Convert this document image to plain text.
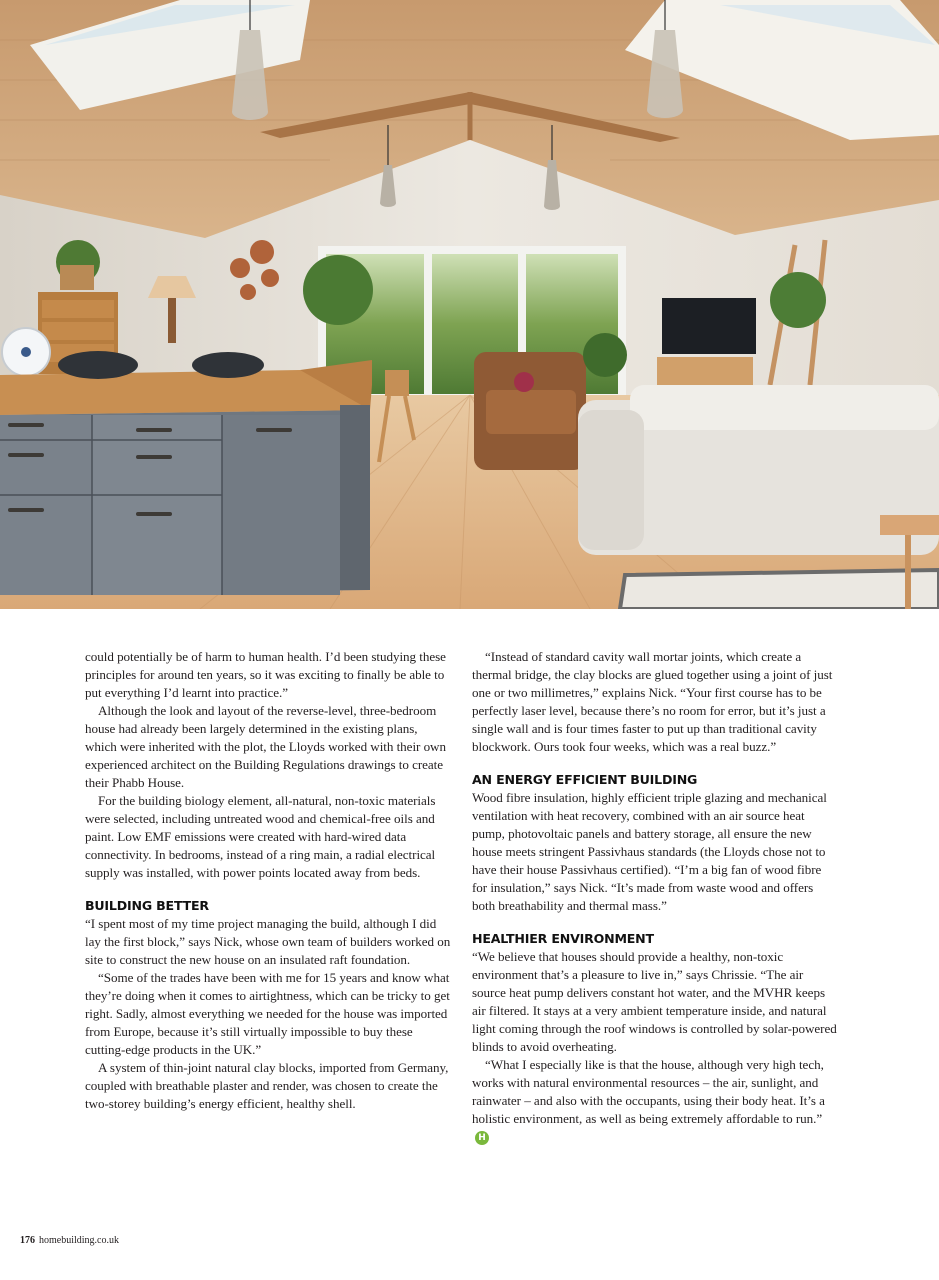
could potentially be of harm to human health. I’d been studying these principles for around ten years, so it was exciting to finally be able to put everything I’d learnt into practice.”

Although the look and layout of the reverse-level, three-bedroom house had already been largely determined in the existing plans, which were inherited with the plot, the Lloyds worked with their own experienced architect on the Building Regulations drawings to create their Phabb House.

For the building biology element, all-natural, non-toxic materials were selected, including untreated wood and chemical-free oils and paint. Low EMF emissions were created with hard-wired data connectivity. In bedrooms, instead of a ring main, a radial electrical supply was installed, with power points located away from beds.

BUILDING BETTER

“I spent most of my time project managing the build, although I did lay the first block,” says Nick, whose own team of builders worked on site to construct the new house on an insulated raft foundation.

“Some of the trades have been with me for 15 years and know what they’re doing when it comes to airtightness, which can be tricky to get right. Sadly, almost everything we needed for the house was imported from Europe, because it’s still virtually impossible to buy these cutting-edge products in the UK.”

A system of thin-joint natural clay blocks, imported from Germany, coupled with breathable plaster and render, was chosen to create the two-storey building’s energy efficient, healthy shell.

“Instead of standard cavity wall mortar joints, which create a thermal bridge, the clay blocks are glued together using a joint of just one or two millimetres,” explains Nick. “Your first course has to be perfectly laser level, because there’s no room for error, but it’s just a single wall and is four times faster to put up than traditional cavity blockwork. Ours took four weeks, which was a real buzz.”

AN ENERGY EFFICIENT BUILDING

Wood fibre insulation, highly efficient triple glazing and mechanical ventilation with heat recovery, combined with an air source heat pump, photovoltaic panels and battery storage, all ensure the new house meets stringent Passivhaus standards (the Lloyds chose not to have their house Passivhaus certified). “I’m a big fan of wood fibre for insulation,” says Nick. “It’s made from waste wood and offers both breathability and thermal mass.”

HEALTHIER ENVIRONMENT

“We believe that houses should provide a healthy, non-toxic environment that’s a pleasure to live in,” says Chrissie. “The air source heat pump delivers constant hot water, and the MVHR keeps air filtered. It stays at a very ambient temperature inside, and natural light coming through the roof windows is controlled by solar-powered blinds to avoid overheating.

“What I especially like is that the house, although very high tech, works with natural environmental resources – the air, sunlight, and rainwater – and also with the occupants, using their body heat. It’s a holistic environment, as well as being extremely affordable to run.”H

176 homebuilding.co.uk
